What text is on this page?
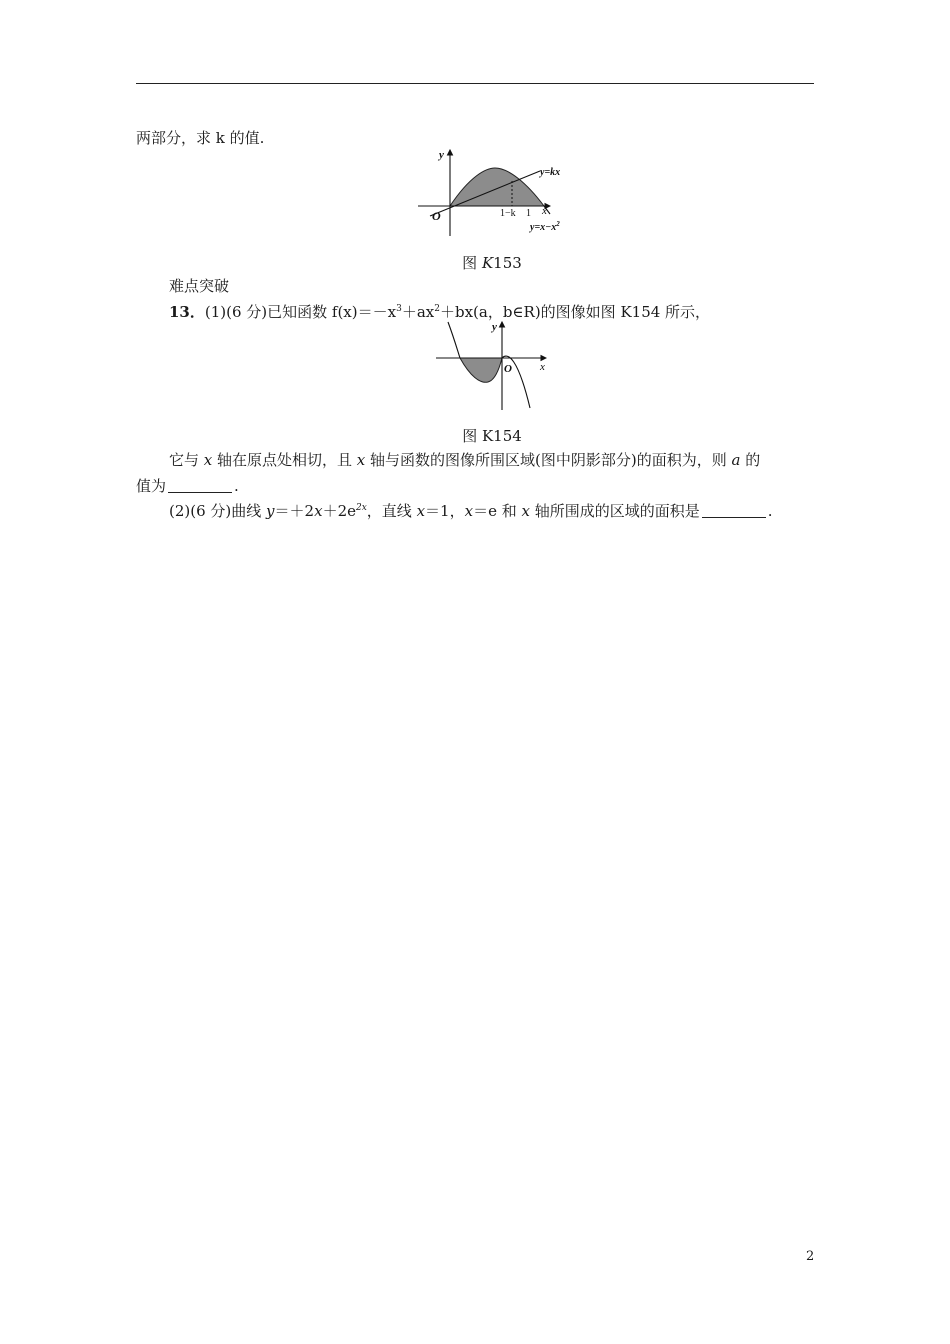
两部分，求 k 的值.
y
x
O
y=kx
1−k 1
$y=x-x^2$
图 K153
难点突破
13．(1)(6 分)已知函数 $f(x)=-x^3+ax^2+bx(a$，b∈R)的图像如图 K154 所示，
y
x
O
图 K154
它与 x 轴在原点处相切，且 x 轴与函数的图像所围区域(图中阴影部分)的面积为，则 a 的
值为	.
(2)(6 分)曲线 $y=+2x+2e^{2x}$，直线 x＝1，x＝e 和 x 轴所围成的区域的面积是	.
2
